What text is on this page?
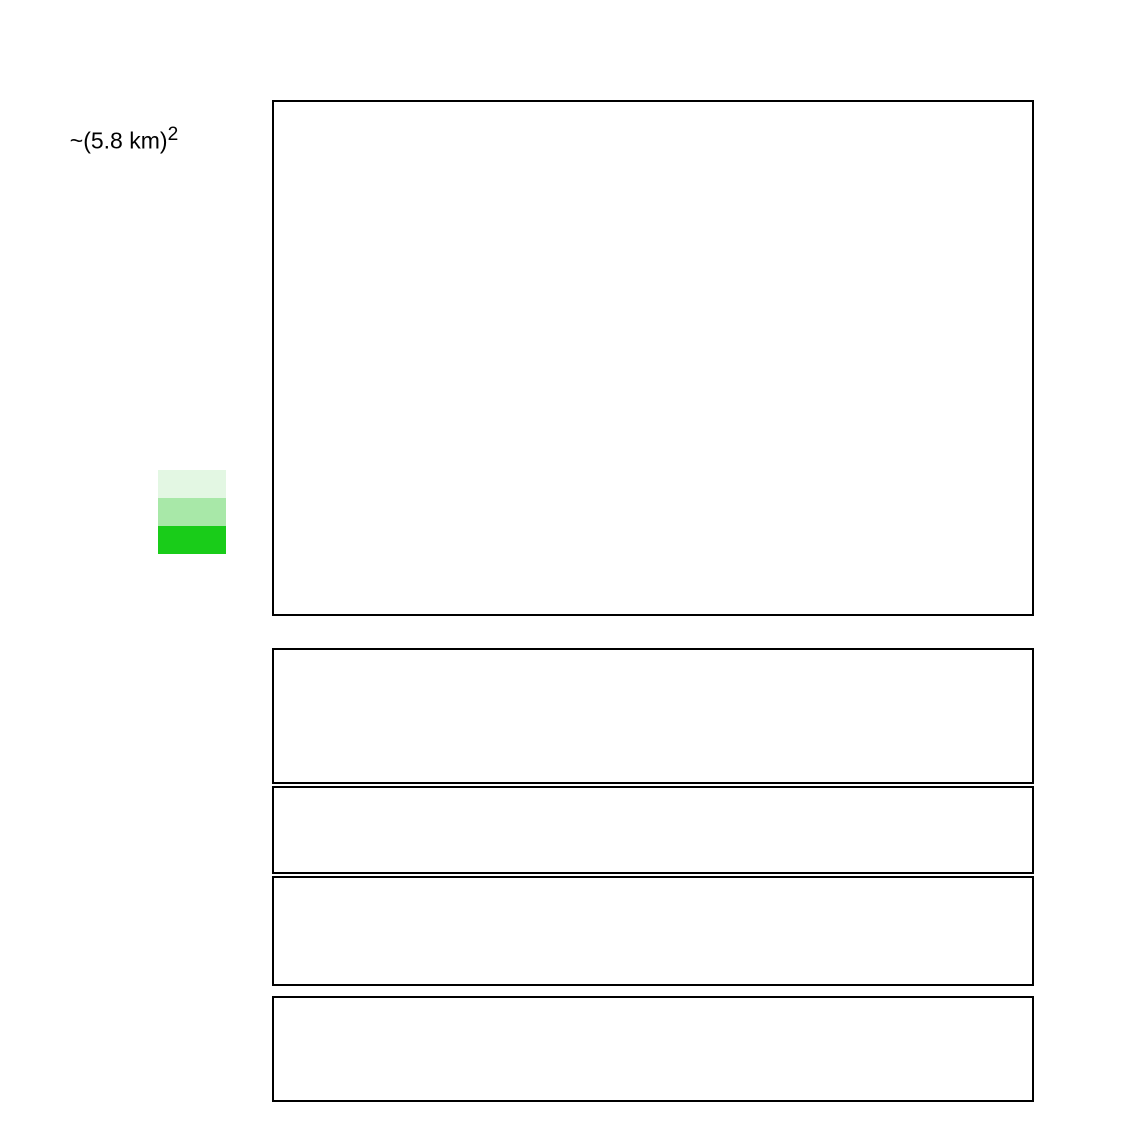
~(5.8 km)$^2$
